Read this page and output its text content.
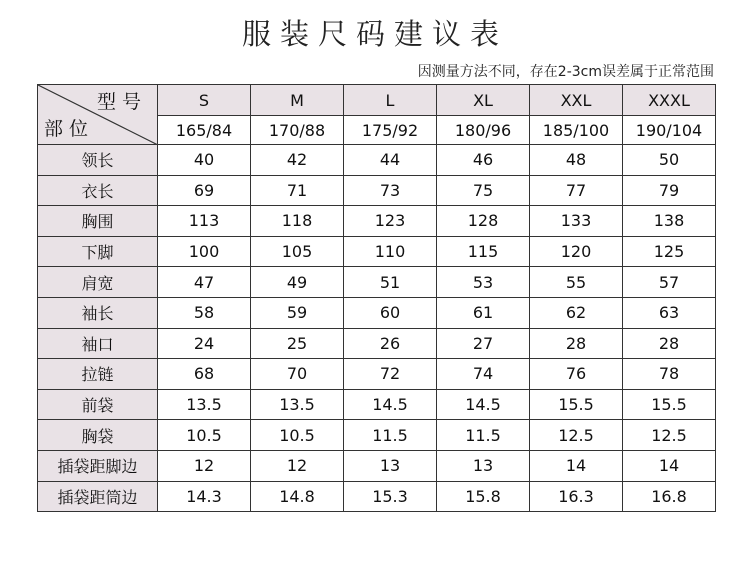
服装尺码建议表
因测量方法不同，存在2-3cm误差属于正常范围
型号
部位	S	M	L	XL	XXL	XXXL
	165/84	170/88	175/92	180/96	185/100	190/104
领长	40	42	44	46	48	50
衣长	69	71	73	75	77	79
胸围	113	118	123	128	133	138
下脚	100	105	110	115	120	125
肩宽	47	49	51	53	55	57
袖长	58	59	60	61	62	63
袖口	24	25	26	27	28	28
拉链	68	70	72	74	76	78
前袋	13.5	13.5	14.5	14.5	15.5	15.5
胸袋	10.5	10.5	11.5	11.5	12.5	12.5
插袋距脚边	12	12	13	13	14	14
插袋距筒边	14.3	14.8	15.3	15.8	16.3	16.8
